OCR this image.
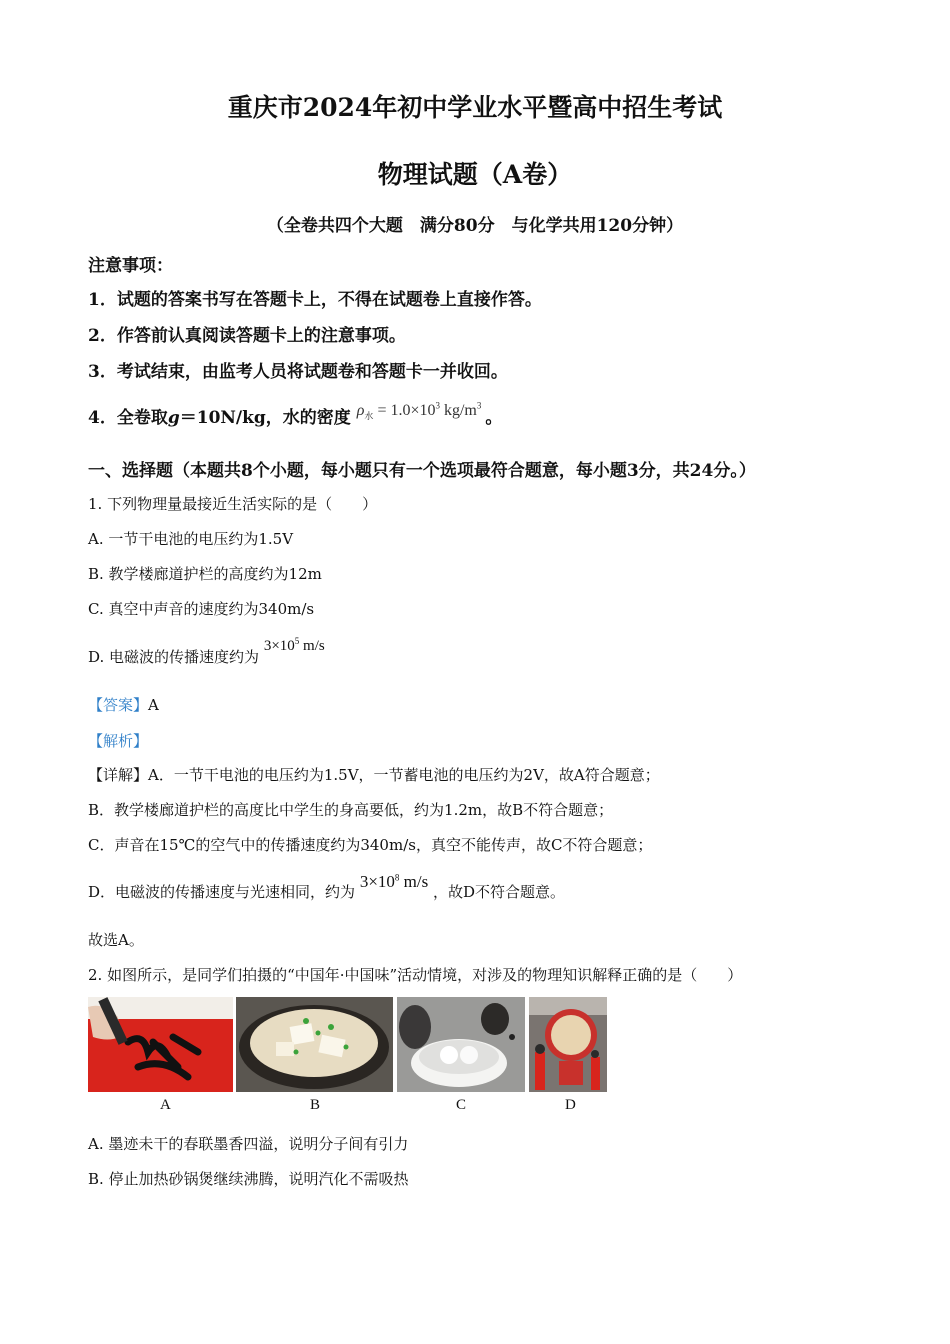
重庆市2024年初中学业水平暨高中招生考试
物理试题（A卷）
（全卷共四个大题　满分80分　与化学共用120分钟）
注意事项：
1．试题的答案书写在答题卡上，不得在试题卷上直接作答。
2．作答前认真阅读答题卡上的注意事项。
3．考试结束，由监考人员将试题卷和答题卡一并收回。
4．全卷取g＝10N/kg，水的密度 $\rho_水 = 1.0\times 10^3$ $kg/m^3$ 。
一、选择题（本题共8个小题，每小题只有一个选项最符合题意，每小题3分，共24分。）
1. 下列物理量最接近生活实际的是（　　）
A. 一节干电池的电压约为1.5V
B. 教学楼廊道护栏的高度约为12m
C. 真空中声音的速度约为340m/s
D. 电磁波的传播速度约为 $3\times 10^5$ m/s
【答案】A
【解析】
【详解】A．一节干电池的电压约为1.5V，一节蓄电池的电压约为2V，故A符合题意；
B．教学楼廊道护栏的高度比中学生的身高要低，约为1.2m，故B不符合题意；
C．声音在15℃的空气中的传播速度约为340m/s，真空不能传声，故C不符合题意；
D．电磁波的传播速度与光速相同，约为 $3\times 10^8$ m/s ，故D不符合题意。
故选A。
2. 如图所示，是同学们拍摄的“中国年·中国味”活动情境，对涉及的物理知识解释正确的是（　　）
A	B	C	D
A. 墨迹未干的春联墨香四溢，说明分子间有引力
B. 停止加热砂锅煲继续沸腾，说明汽化不需吸热
